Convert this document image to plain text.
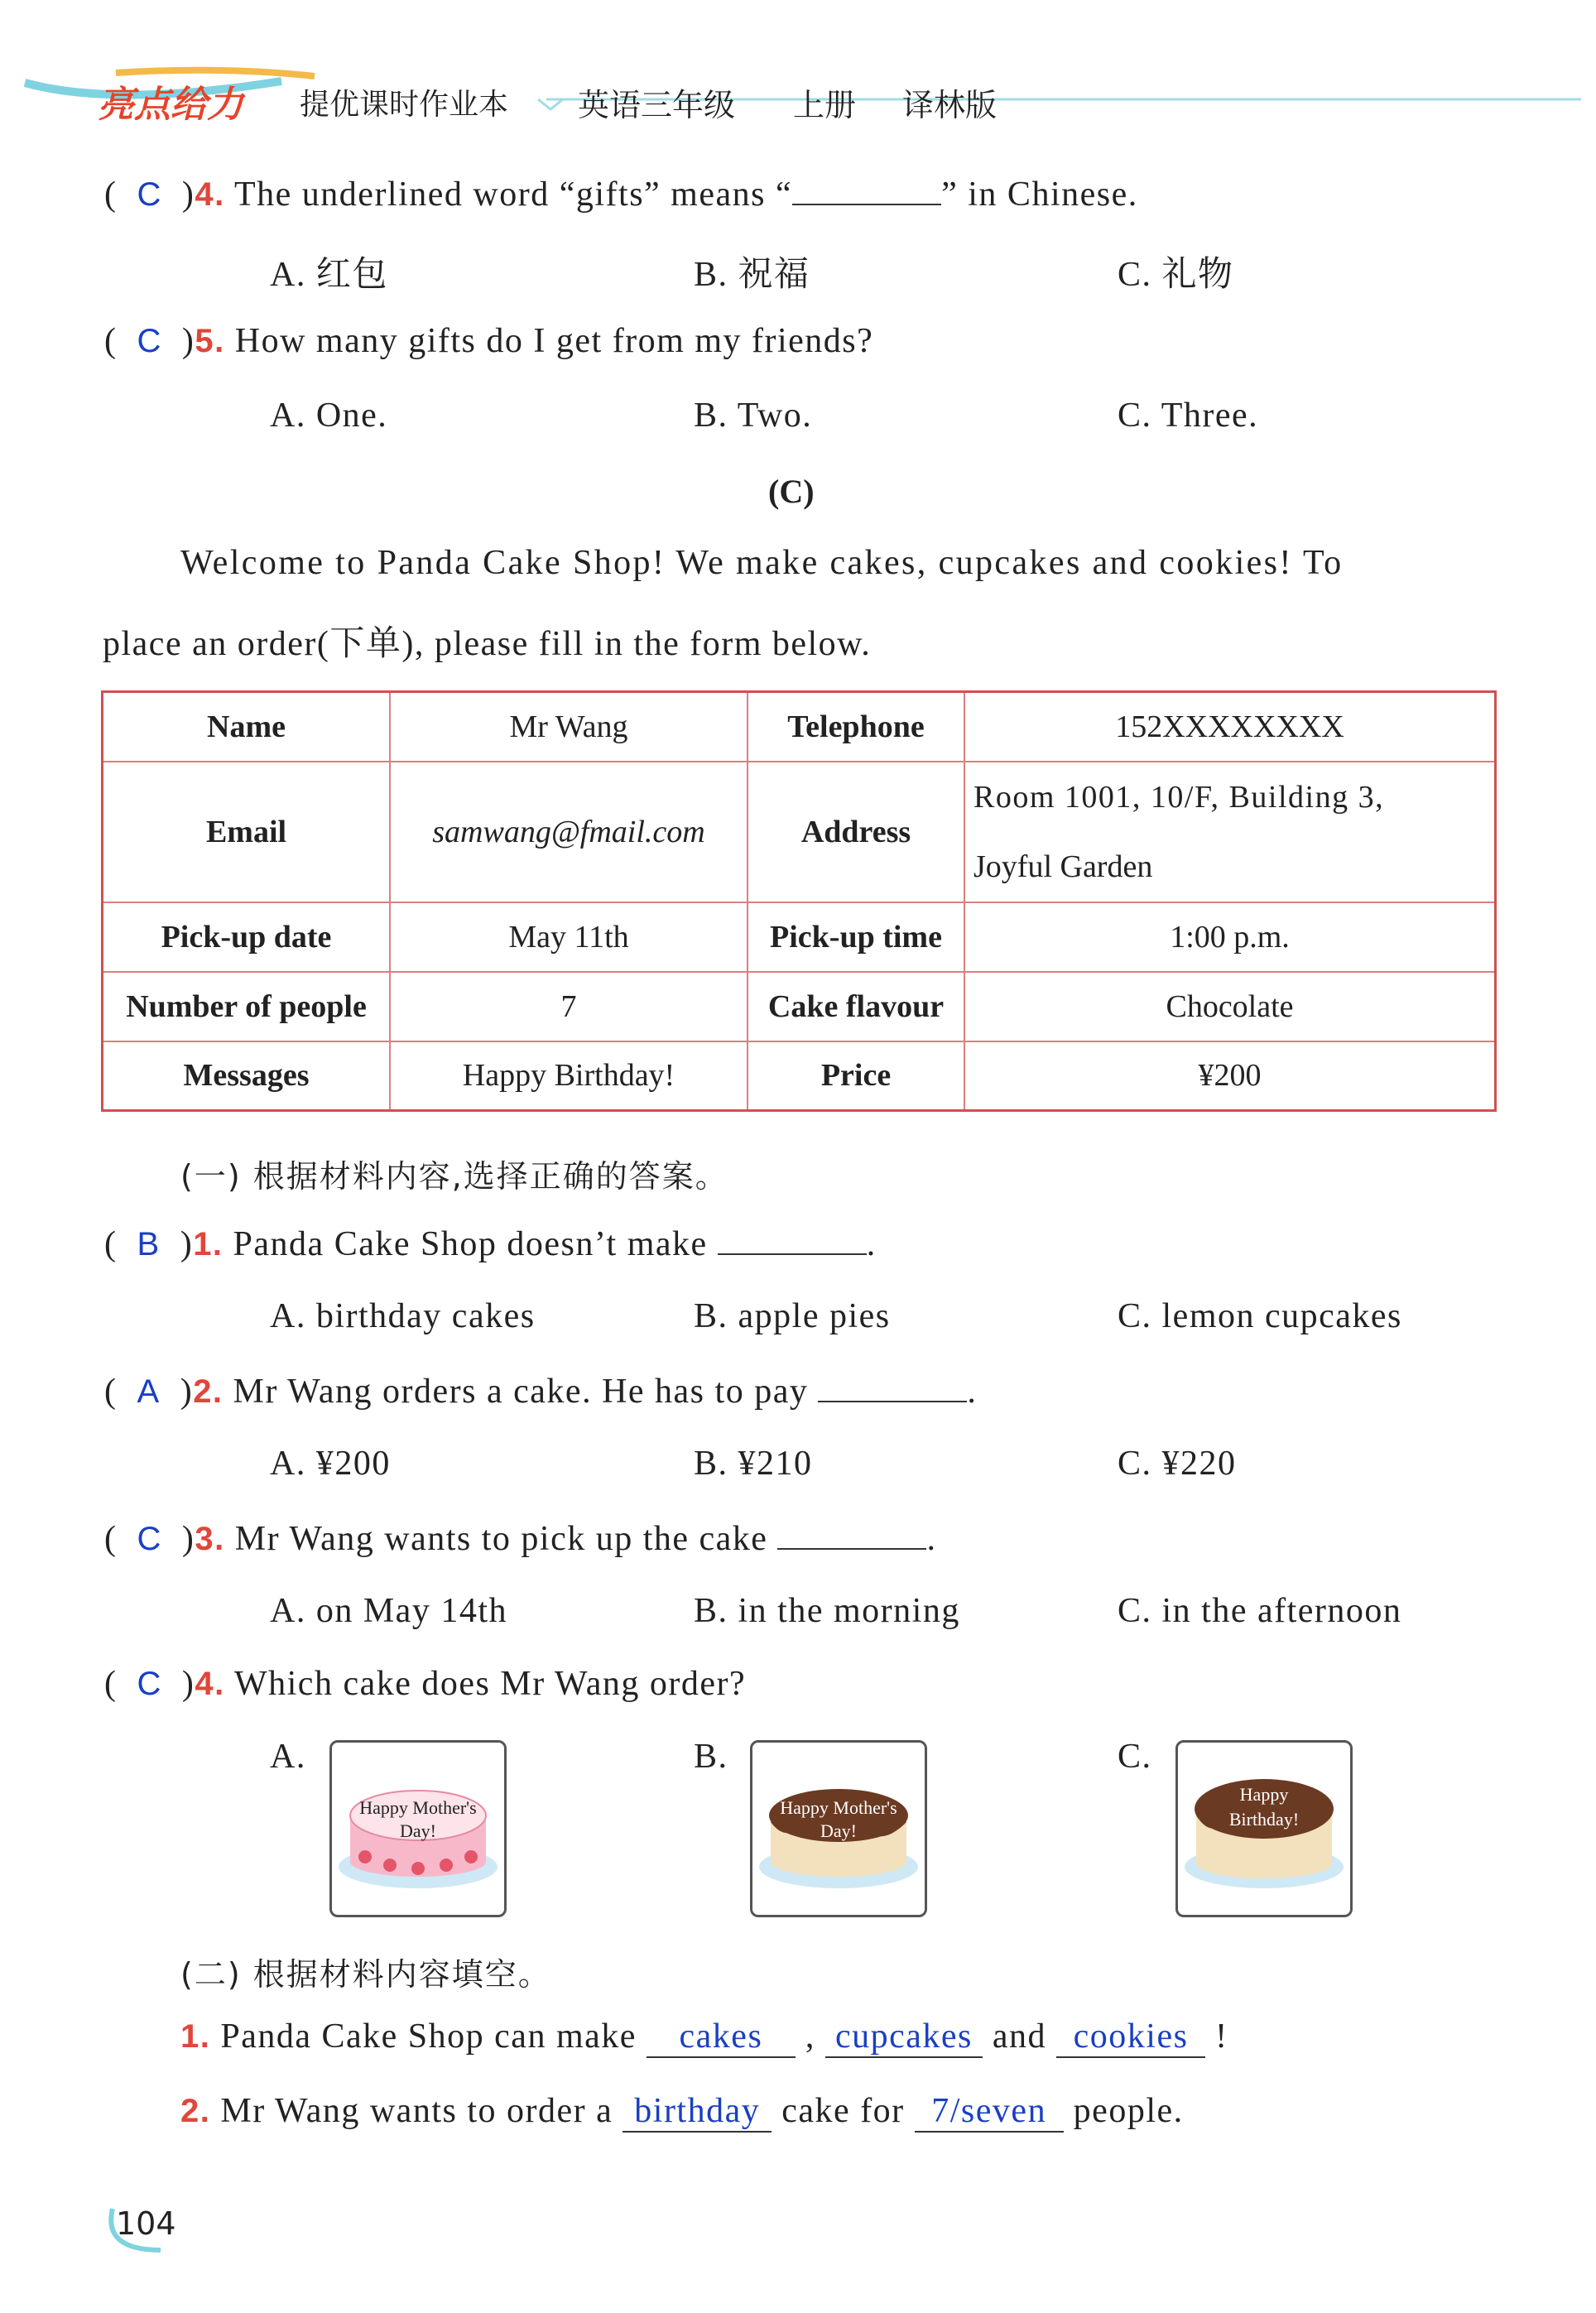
亮点给力 提优课时作业本 英语三年级 上册 译林版
(  C  )4. The underlined word “gifts” means “	” in Chinese.
A. 红包	B. 祝福	C. 礼物
(  C  )5. How many gifts do I get from my friends?
A. One.	B. Two.	C. Three.
(C)
Welcome to Panda Cake Shop! We make cakes, cupcakes and cookies! To
place an order(下单), please fill in the form below.
Name	Mr Wang	Telephone	152XXXXXXXX
Email	samwang@fmail.com	Address	Room 1001, 10/F, Building 3,
Joyful Garden

Pick-up date	May 11th	Pick-up time	1:00 p.m.
Number of people	7	Cake flavour	Chocolate
Messages	Happy Birthday!	Price	¥200
(一) 根据材料内容,选择正确的答案。
(  B  )1. Panda Cake Shop doesn’t make	.
A. birthday cakes	B. apple pies	C. lemon cupcakes
(  A  )2. Mr Wang orders a cake. He has to pay	.
A. ¥200	B. ¥210	C. ¥220
(  C  )3. Mr Wang wants to pick up the cake	.
A. on May 14th	B. in the morning	C. in the afternoon
(  C  )4. Which cake does Mr Wang order?
A.	B.	C.
Happy Mother's
Day!
Happy Mother's
Day!
Happy
Birthday!
(二) 根据材料内容填空。
1. Panda Cake Shop can make cakes , cupcakes and cookies !
2. Mr Wang wants to order a birthday cake for 7/seven people.
104
